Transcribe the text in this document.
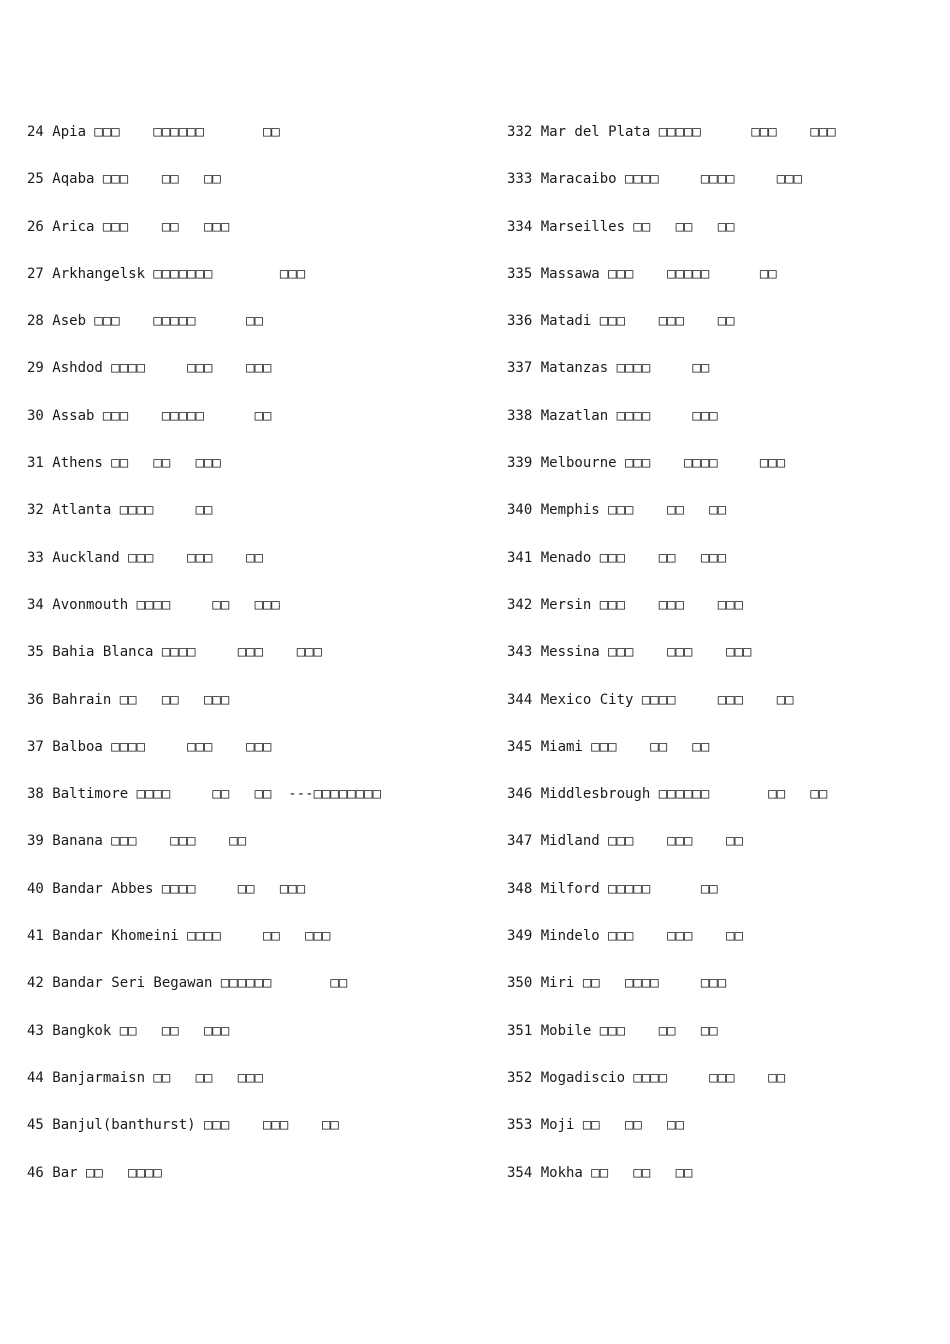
24 Apia □□□    □□□□□□       □□
25 Aqaba □□□    □□   □□
26 Arica □□□    □□   □□□
27 Arkhangelsk □□□□□□□        □□□
28 Aseb □□□    □□□□□      □□
29 Ashdod □□□□     □□□    □□□
30 Assab □□□    □□□□□      □□
31 Athens □□   □□   □□□
32 Atlanta □□□□     □□
33 Auckland □□□    □□□    □□
34 Avonmouth □□□□     □□   □□□
35 Bahia Blanca □□□□     □□□    □□□
36 Bahrain □□   □□   □□□
37 Balboa □□□□     □□□    □□□
38 Baltimore □□□□     □□   □□  ---□□□□□□□□
39 Banana □□□    □□□    □□
40 Bandar Abbes □□□□     □□   □□□
41 Bandar Khomeini □□□□     □□   □□□
42 Bandar Seri Begawan □□□□□□       □□
43 Bangkok □□   □□   □□□
44 Banjarmaisn □□   □□   □□□
45 Banjul(banthurst) □□□    □□□    □□
46 Bar □□   □□□□
332 Mar del Plata □□□□□      □□□    □□□
333 Maracaibo □□□□     □□□□     □□□
334 Marseilles □□   □□   □□
335 Massawa □□□    □□□□□      □□
336 Matadi □□□    □□□    □□
337 Matanzas □□□□     □□
338 Mazatlan □□□□     □□□
339 Melbourne □□□    □□□□     □□□
340 Memphis □□□    □□   □□
341 Menado □□□    □□   □□□
342 Mersin □□□    □□□    □□□
343 Messina □□□    □□□    □□□
344 Mexico City □□□□     □□□    □□
345 Miami □□□    □□   □□
346 Middlesbrough □□□□□□       □□   □□
347 Midland □□□    □□□    □□
348 Milford □□□□□      □□
349 Mindelo □□□    □□□    □□
350 Miri □□   □□□□     □□□
351 Mobile □□□    □□   □□
352 Mogadiscio □□□□     □□□    □□
353 Moji □□   □□   □□
354 Mokha □□   □□   □□
